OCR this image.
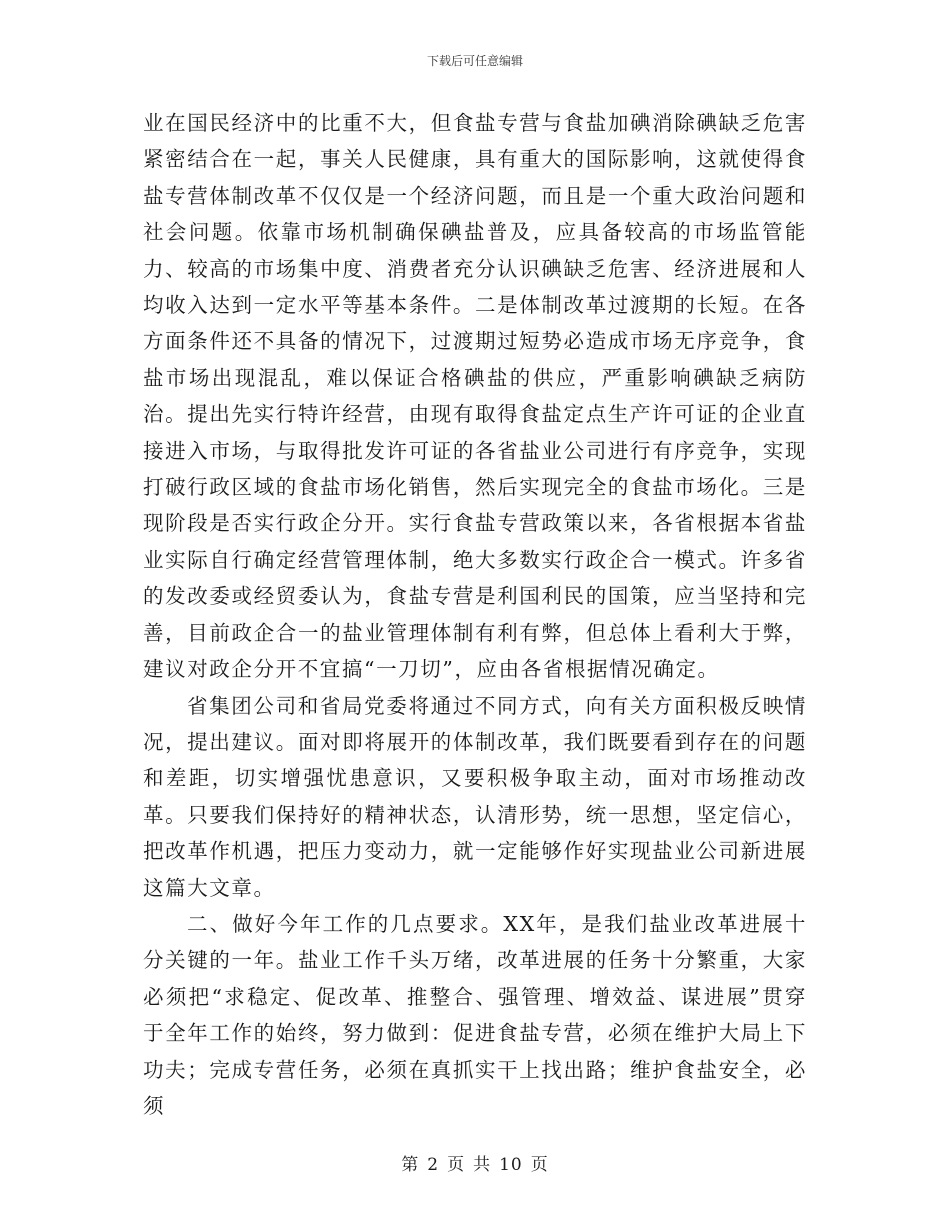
下载后可任意编辑

业在国民经济中的比重不大，但食盐专营与食盐加碘消除碘缺乏危害紧密结合在一起，事关人民健康，具有重大的国际影响，这就使得食盐专营体制改革不仅仅是一个经济问题，而且是一个重大政治问题和社会问题。依靠市场机制确保碘盐普及，应具备较高的市场监管能力、较高的市场集中度、消费者充分认识碘缺乏危害、经济进展和人均收入达到一定水平等基本条件。二是体制改革过渡期的长短。在各方面条件还不具备的情况下，过渡期过短势必造成市场无序竞争，食盐市场出现混乱，难以保证合格碘盐的供应，严重影响碘缺乏病防治。提出先实行特许经营，由现有取得食盐定点生产许可证的企业直接进入市场，与取得批发许可证的各省盐业公司进行有序竞争，实现打破行政区域的食盐市场化销售，然后实现完全的食盐市场化。三是现阶段是否实行政企分开。实行食盐专营政策以来，各省根据本省盐业实际自行确定经营管理体制，绝大多数实行政企合一模式。许多省的发改委或经贸委认为，食盐专营是利国利民的国策，应当坚持和完善，目前政企合一的盐业管理体制有利有弊，但总体上看利大于弊，建议对政企分开不宜搞“一刀切”，应由各省根据情况确定。

省集团公司和省局党委将通过不同方式，向有关方面积极反映情况，提出建议。面对即将展开的体制改革，我们既要看到存在的问题和差距，切实增强忧患意识，又要积极争取主动，面对市场推动改革。只要我们保持好的精神状态，认清形势，统一思想，坚定信心，把改革作机遇，把压力变动力，就一定能够作好实现盐业公司新进展这篇大文章。

二、做好今年工作的几点要求。XX年，是我们盐业改革进展十分关键的一年。盐业工作千头万绪，改革进展的任务十分繁重，大家必须把“求稳定、促改革、推整合、强管理、增效益、谋进展”贯穿于全年工作的始终，努力做到：促进食盐专营，必须在维护大局上下功夫；完成专营任务，必须在真抓实干上找出路；维护食盐安全，必须

第 2 页 共 10 页
